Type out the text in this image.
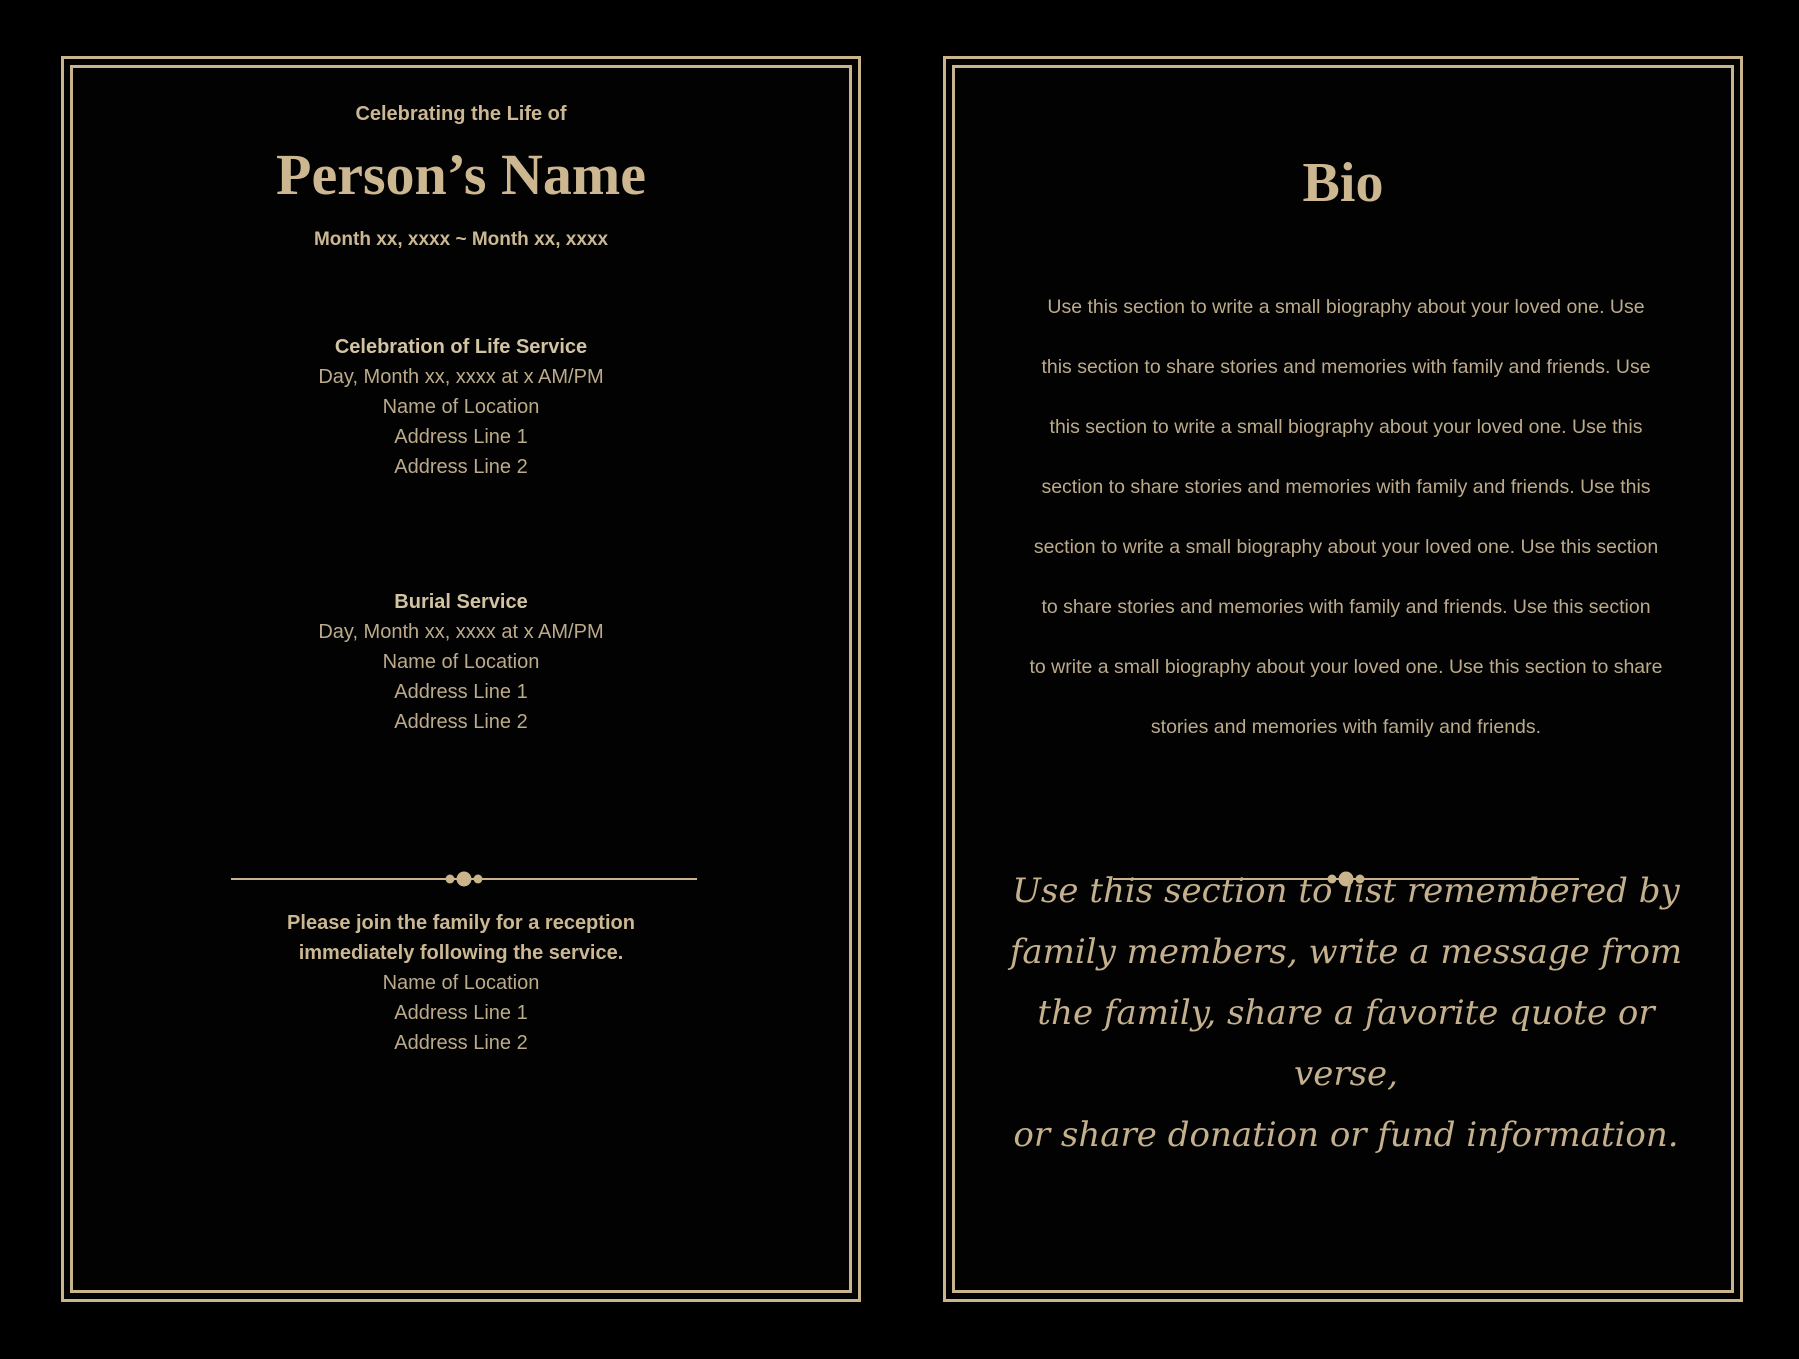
Celebrating the Life of
Person’s Name
Month xx, xxxx ~ Month xx, xxxx
Celebration of Life Service
Day, Month xx, xxxx at x AM/PM
Name of Location
Address Line 1
Address Line 2
Burial Service
Day, Month xx, xxxx at x AM/PM
Name of Location
Address Line 1
Address Line 2
Please join the family for a reception
immediately following the service.
Name of Location
Address Line 1
Address Line 2
Bio
Use this section to write a small biography about your loved one. Use
this section to share stories and memories with family and friends. Use
this section to write a small biography about your loved one. Use this
section to share stories and memories with family and friends. Use this
section to write a small biography about your loved one. Use this section
to share stories and memories with family and friends. Use this section
to write a small biography about your loved one. Use this section to share
stories and memories with family and friends.
Use this section to list remembered by
family members, write a message from
the family, share a favorite quote or verse,
or share donation or fund information.
